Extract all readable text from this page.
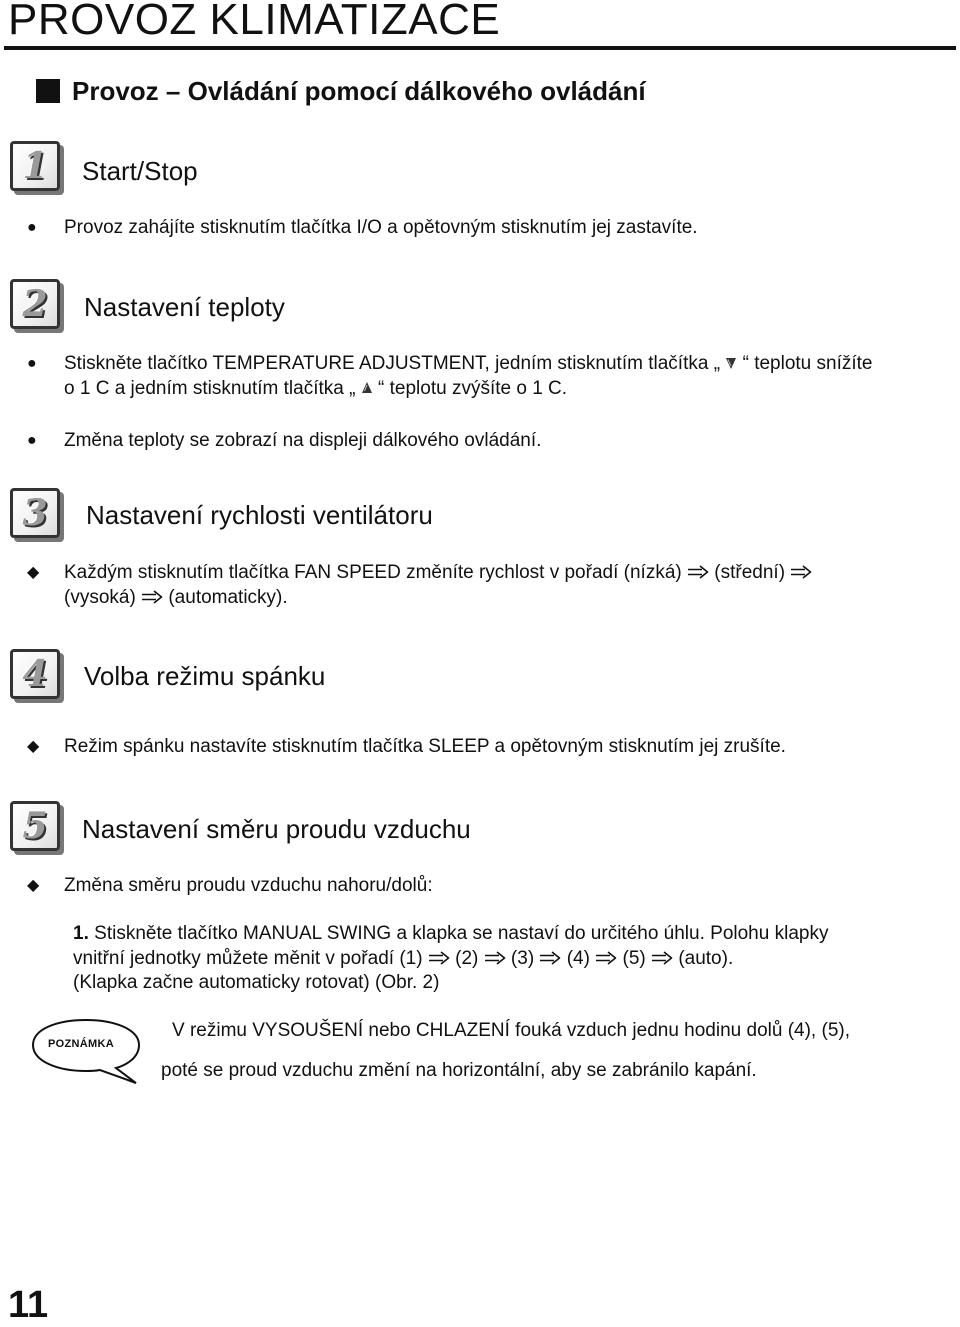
PROVOZ KLIMATIZACE
Provoz – Ovládání pomocí dálkového ovládání
1 Start/Stop
● Provoz zahájíte stisknutím tlačítka I/O a opětovným stisknutím jej zastavíte.

2 Nastavení teploty
● Stiskněte tlačítko TEMPERATURE ADJUSTMENT, jedním stisknutím tlačítka „ “ teplotu snížíte

o 1 C a jedním stisknutím tlačítka „ “ teplotu zvýšíte o 1 C.

● Změna teploty se zobrazí na displeji dálkového ovládání.

3 Nastavení rychlosti ventilátoru
◆ Každým stisknutím tlačítka FAN SPEED změníte rychlost v pořadí (nízká) (střední)

(vysoká) (automaticky).

4 Volba režimu spánku
◆ Režim spánku nastavíte stisknutím tlačítka SLEEP a opětovným stisknutím jej zrušíte.

5 Nastavení směru proudu vzduchu
◆ Změna směru proudu vzduchu nahoru/dolů:

1. Stiskněte tlačítko MANUAL SWING a klapka se nastaví do určitého úhlu. Polohu klapky

vnitřní jednotky můžete měnit v pořadí (1) (2) (3) (4) (5) (auto).

(Klapka začne automaticky rotovat) (Obr. 2)

POZNÁMKA

V režimu VYSOUŠENÍ nebo CHLAZENÍ fouká vzduch jednu hodinu dolů (4), (5),

poté se proud vzduchu změní na horizontální, aby se zabránilo kapání.

11
